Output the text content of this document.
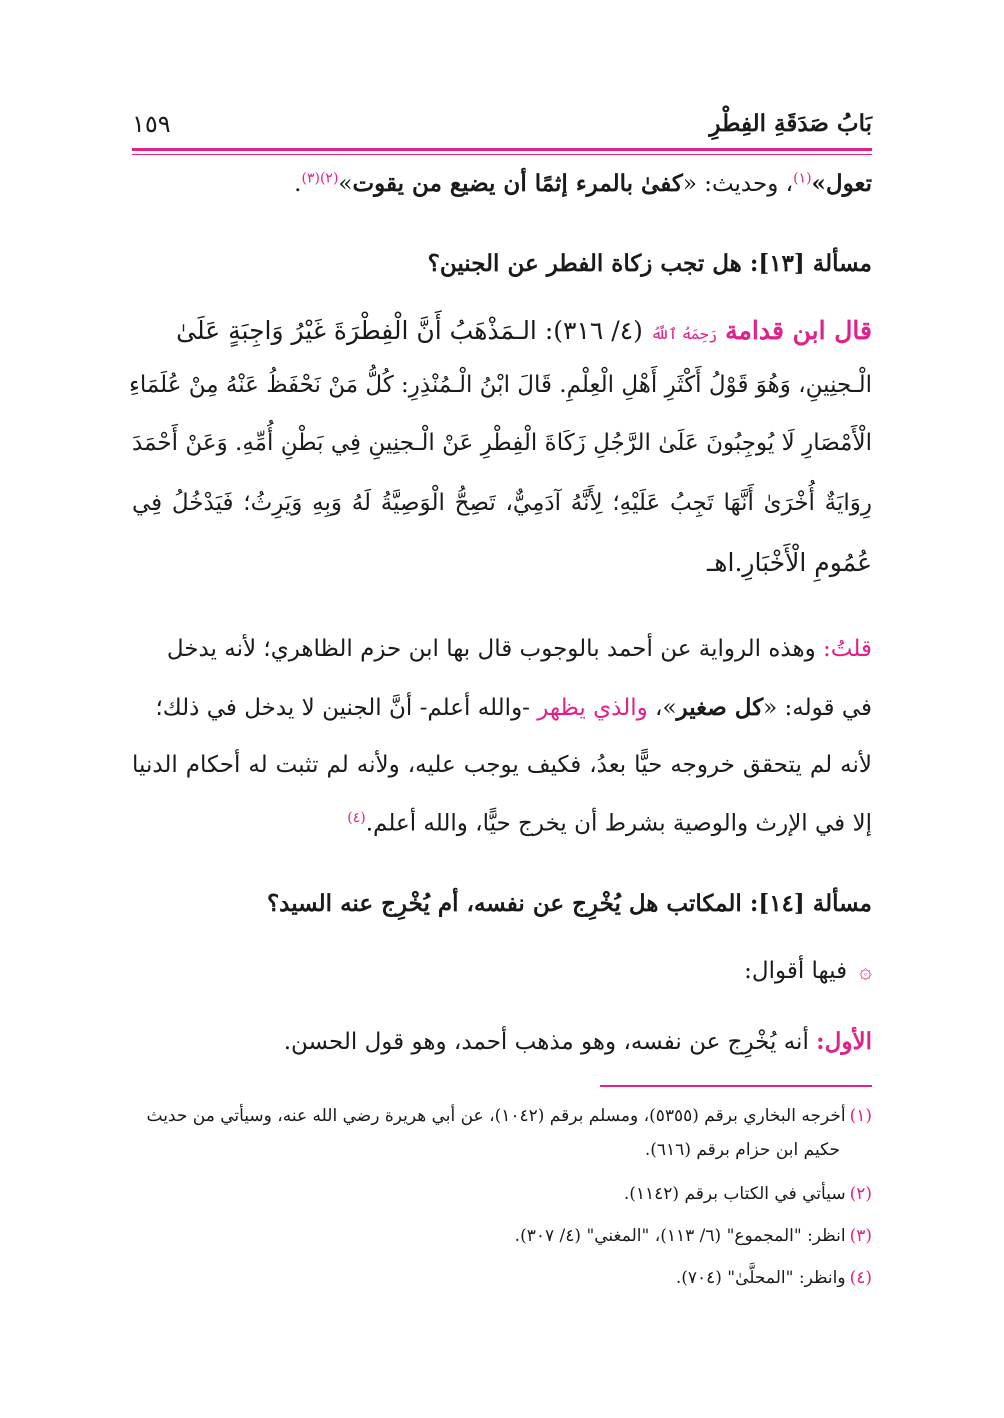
بَابُ صَدَقَةِ الفِطْرِ
١٥٩
تعول»$^{(١)}$، وحديث: «كفىٰ بالمرء إثمًا أن يضيع من يقوت»$^{(٢)(٣)}$.
مسألة [١٣]: هل تجب زكاة الفطر عن الجنين؟
قال ابن قدامة رَحِمَهُ ٱللَّهُ (٤/ ٣١٦): الـمَذْهَبُ أَنَّ الْفِطْرَةَ غَيْرُ وَاجِبَةٍ عَلَىٰ
الْـجنِينِ، وَهُوَ قَوْلُ أَكْثَرِ أَهْلِ الْعِلْمِ. قَالَ ابْنُ الْـمُنْذِرِ: كُلُّ مَنْ نَحْفَظُ عَنْهُ مِنْ عُلَمَاءِ
الْأَمْصَارِ لَا يُوجِبُونَ عَلَىٰ الرَّجُلِ زَكَاةَ الْفِطْرِ عَنْ الْـجنِينِ فِي بَطْنِ أُمِّهِ. وَعَنْ أَحْمَدَ
رِوَايَةٌ أُخْرَىٰ أَنَّهَا تَجِبُ عَلَيْهِ؛ لِأَنَّهُ آدَمِيٌّ، تَصِحُّ الْوَصِيَّةُ لَهُ وَبِهِ وَيَرِثُ؛ فَيَدْخُلُ فِي
عُمُومِ الْأَخْبَارِ.اهـ
قلتُ: وهذه الرواية عن أحمد بالوجوب قال بها ابن حزم الظاهري؛ لأنه يدخل
في قوله: «كل صغير»، والذي يظهر -والله أعلم- أنَّ الجنين لا يدخل في ذلك؛
لأنه لم يتحقق خروجه حيًّا بعدُ، فكيف يوجب عليه، ولأنه لم تثبت له أحكام الدنيا
إلا في الإرث والوصية بشرط أن يخرج حيًّا، والله أعلم.$^{(٤)}$
مسألة [١٤]: المكاتب هل يُخْرِج عن نفسه، أم يُخْرِج عنه السيد؟
۞فيها أقوال:
الأول: أنه يُخْرِج عن نفسه، وهو مذهب أحمد، وهو قول الحسن.
(١)أخرجه البخاري برقم (٥٣٥٥)، ومسلم برقم (١٠٤٢)، عن أبي هريرة رضي الله عنه، وسيأتي من حديث
حكيم ابن حزام برقم (٦١٦).
(٢)سيأتي في الكتاب برقم (١١٤٢).
(٣)انظر: "المجموع" (٦/ ١١٣)، "المغني" (٤/ ٣٠٧).
(٤)وانظر: "المحلَّىٰ" (٧٠٤).
